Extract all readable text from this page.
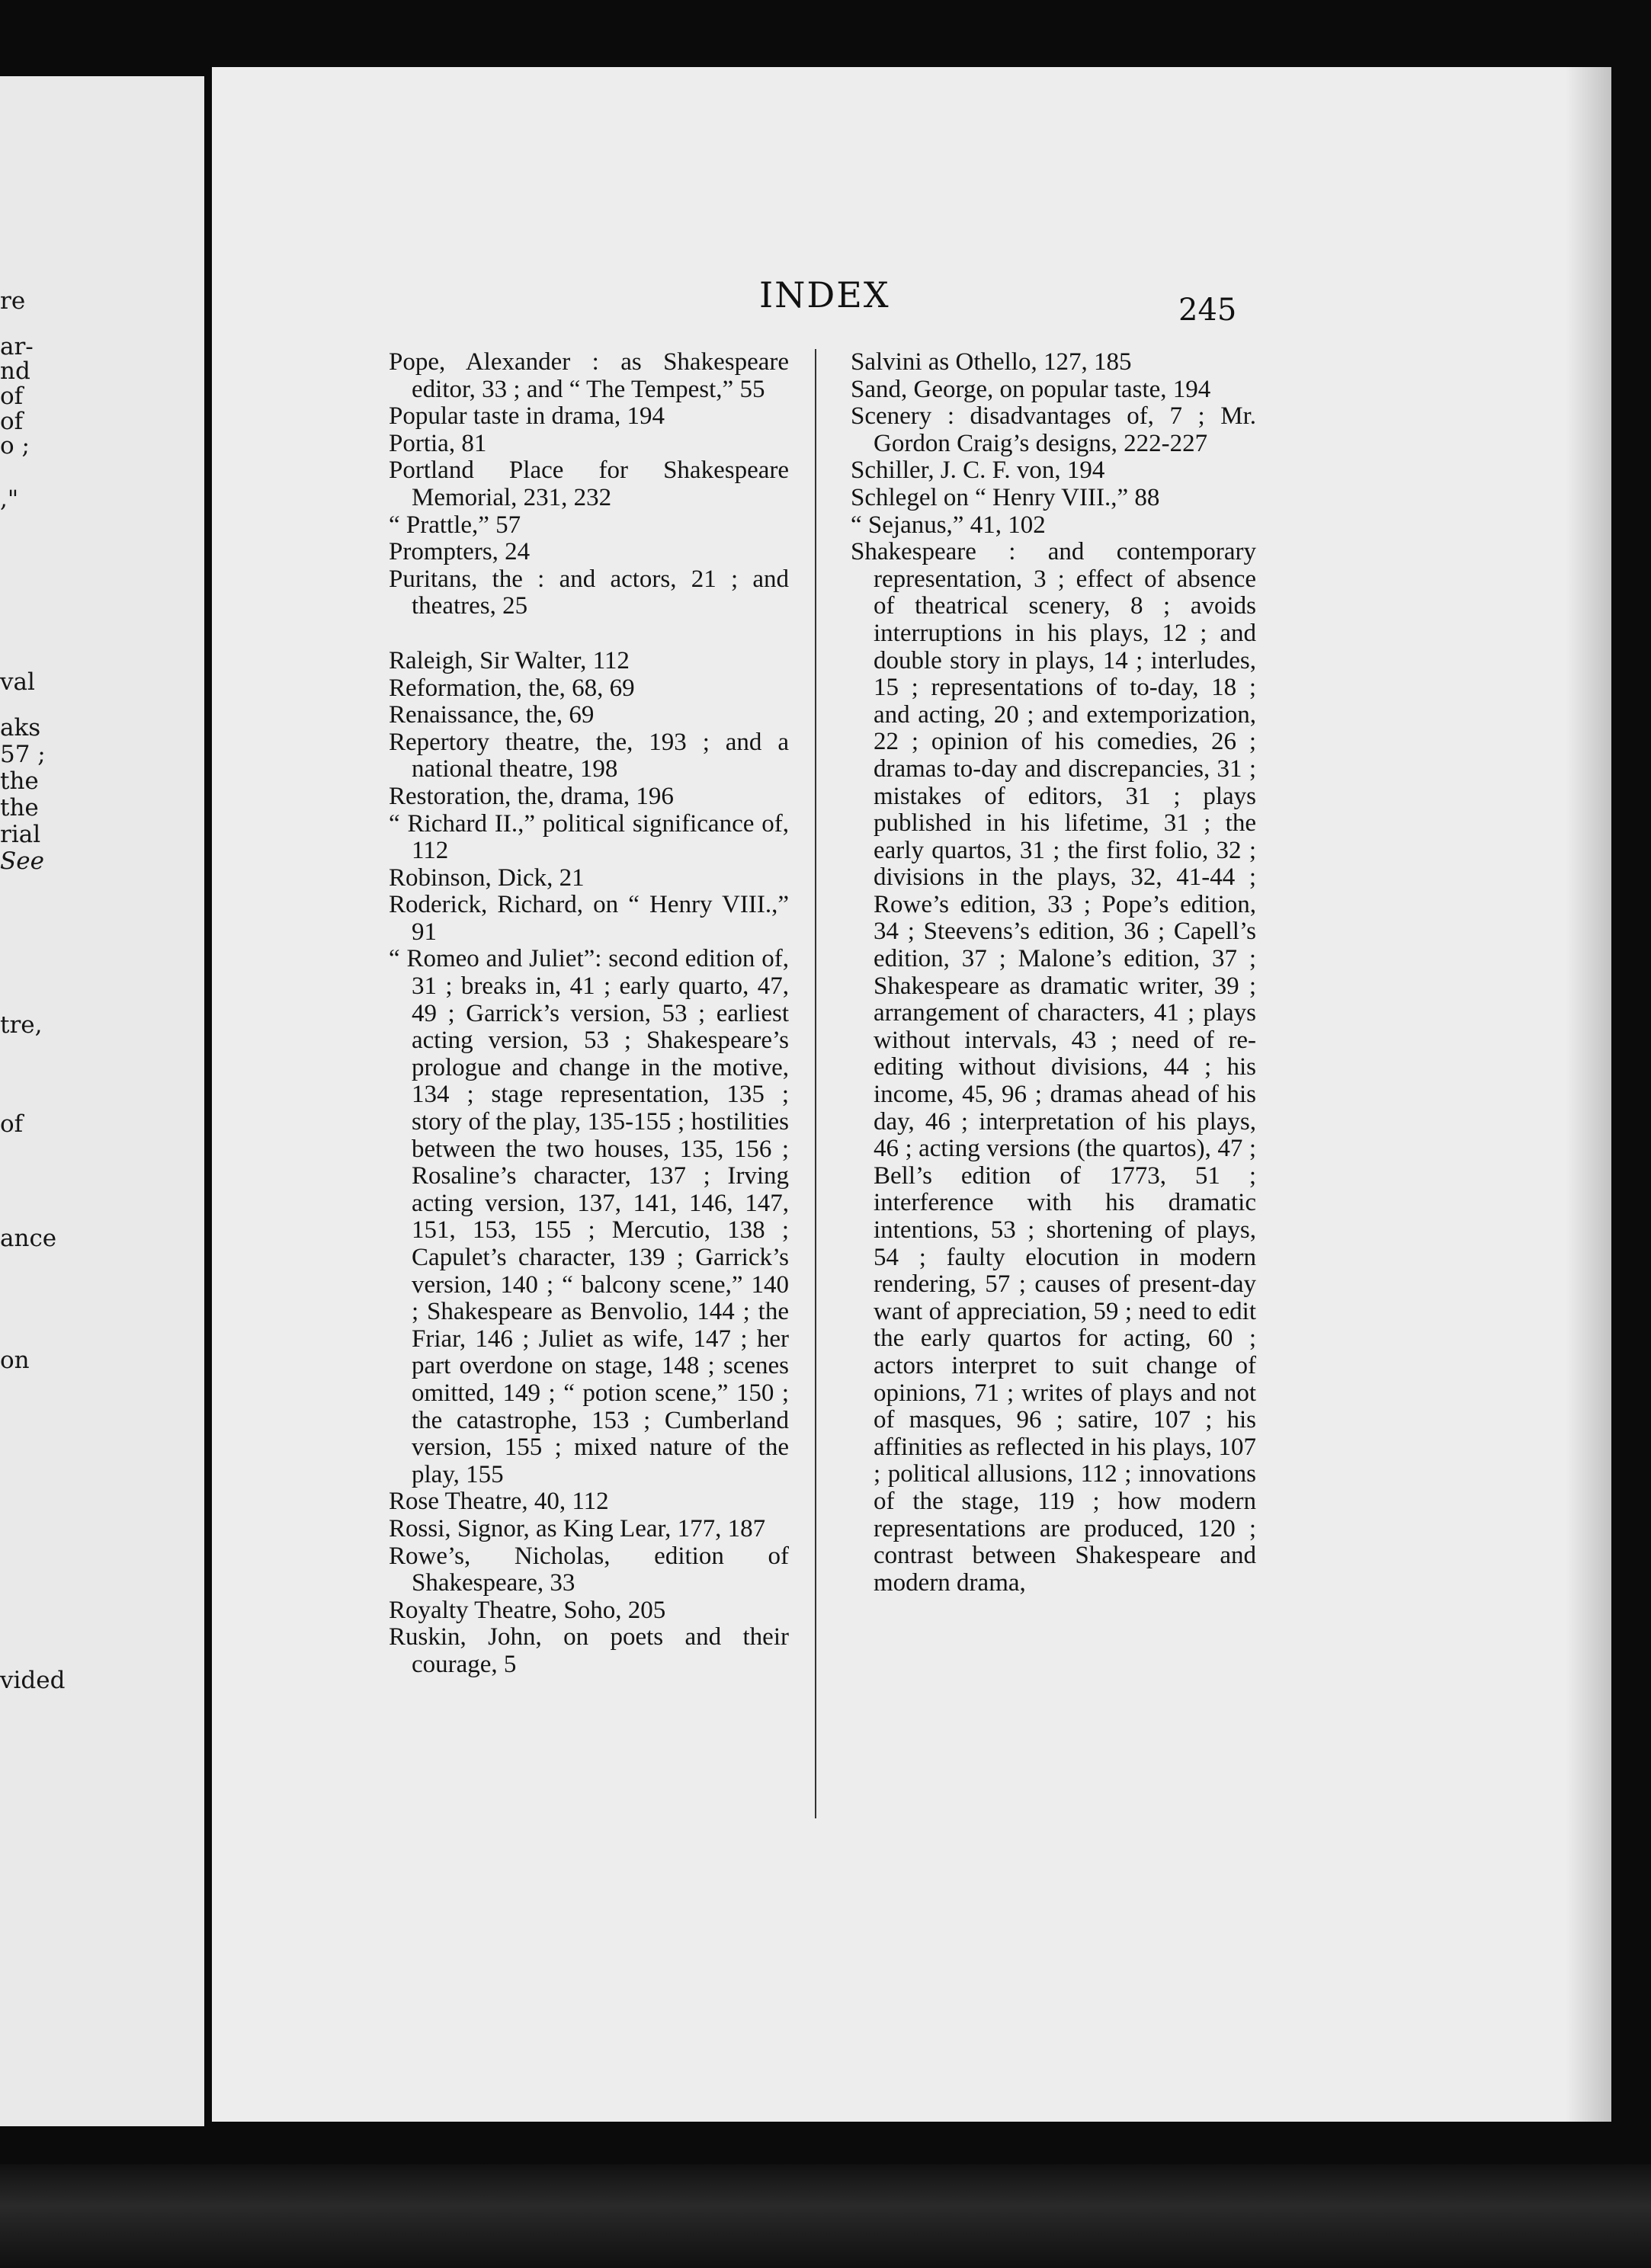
re
ar-
nd
of
of
o ;
,"
val
aks
57 ;
the
the
rial
See
tre,
of
ance
on
vided
INDEX	245
Pope, Alexander : as Shakespeare editor, 33 ; and “ The Tempest,” 55
Popular taste in drama, 194
Portia, 81
Portland Place for Shakespeare Memorial, 231, 232
“ Prattle,” 57
Prompters, 24
Puritans, the : and actors, 21 ; and theatres, 25
Raleigh, Sir Walter, 112
Reformation, the, 68, 69
Renaissance, the, 69
Repertory theatre, the, 193 ; and a national theatre, 198
Restoration, the, drama, 196
“ Richard II.,” political significance of, 112
Robinson, Dick, 21
Roderick, Richard, on “ Henry VIII.,” 91
“ Romeo and Juliet”: second edition of, 31 ; breaks in, 41 ; early quarto, 47, 49 ; Garrick’s version, 53 ; earliest acting version, 53 ; Shakespeare’s prologue and change in the motive, 134 ; stage representation, 135 ; story of the play, 135-155 ; hostilities between the two houses, 135, 156 ; Rosaline’s character, 137 ; Irving acting version, 137, 141, 146, 147, 151, 153, 155 ; Mercutio, 138 ; Capulet’s character, 139 ; Garrick’s version, 140 ; “ balcony scene,” 140 ; Shakespeare as Benvolio, 144 ; the Friar, 146 ; Juliet as wife, 147 ; her part overdone on stage, 148 ; scenes omitted, 149 ; “ potion scene,” 150 ; the catastrophe, 153 ; Cumberland version, 155 ; mixed nature of the play, 155
Rose Theatre, 40, 112
Rossi, Signor, as King Lear, 177, 187
Rowe’s, Nicholas, edition of Shakespeare, 33
Royalty Theatre, Soho, 205
Ruskin, John, on poets and their courage, 5
Salvini as Othello, 127, 185
Sand, George, on popular taste, 194
Scenery : disadvantages of, 7 ; Mr. Gordon Craig’s designs, 222-227
Schiller, J. C. F. von, 194
Schlegel on “ Henry VIII.,” 88
“ Sejanus,” 41, 102
Shakespeare : and contemporary representation, 3 ; effect of absence of theatrical scenery, 8 ; avoids interruptions in his plays, 12 ; and double story in plays, 14 ; interludes, 15 ; representations of to-day, 18 ; and acting, 20 ; and extemporization, 22 ; opinion of his comedies, 26 ; dramas to-day and discrepancies, 31 ; mistakes of editors, 31 ; plays published in his lifetime, 31 ; the early quartos, 31 ; the first folio, 32 ; divisions in the plays, 32, 41-44 ; Rowe’s edition, 33 ; Pope’s edition, 34 ; Steevens’s edition, 36 ; Capell’s edition, 37 ; Malone’s edition, 37 ; Shakespeare as dramatic writer, 39 ; arrangement of characters, 41 ; plays without intervals, 43 ; need of re-editing without divisions, 44 ; his income, 45, 96 ; dramas ahead of his day, 46 ; interpretation of his plays, 46 ; acting versions (the quartos), 47 ; Bell’s edition of 1773, 51 ; interference with his dramatic intentions, 53 ; shortening of plays, 54 ; faulty elocution in modern rendering, 57 ; causes of present-day want of appreciation, 59 ; need to edit the early quartos for acting, 60 ; actors interpret to suit change of opinions, 71 ; writes of plays and not of masques, 96 ; satire, 107 ; his affinities as reflected in his plays, 107 ; political allusions, 112 ; innovations of the stage, 119 ; how modern representations are produced, 120 ; contrast between Shakespeare and modern drama,
